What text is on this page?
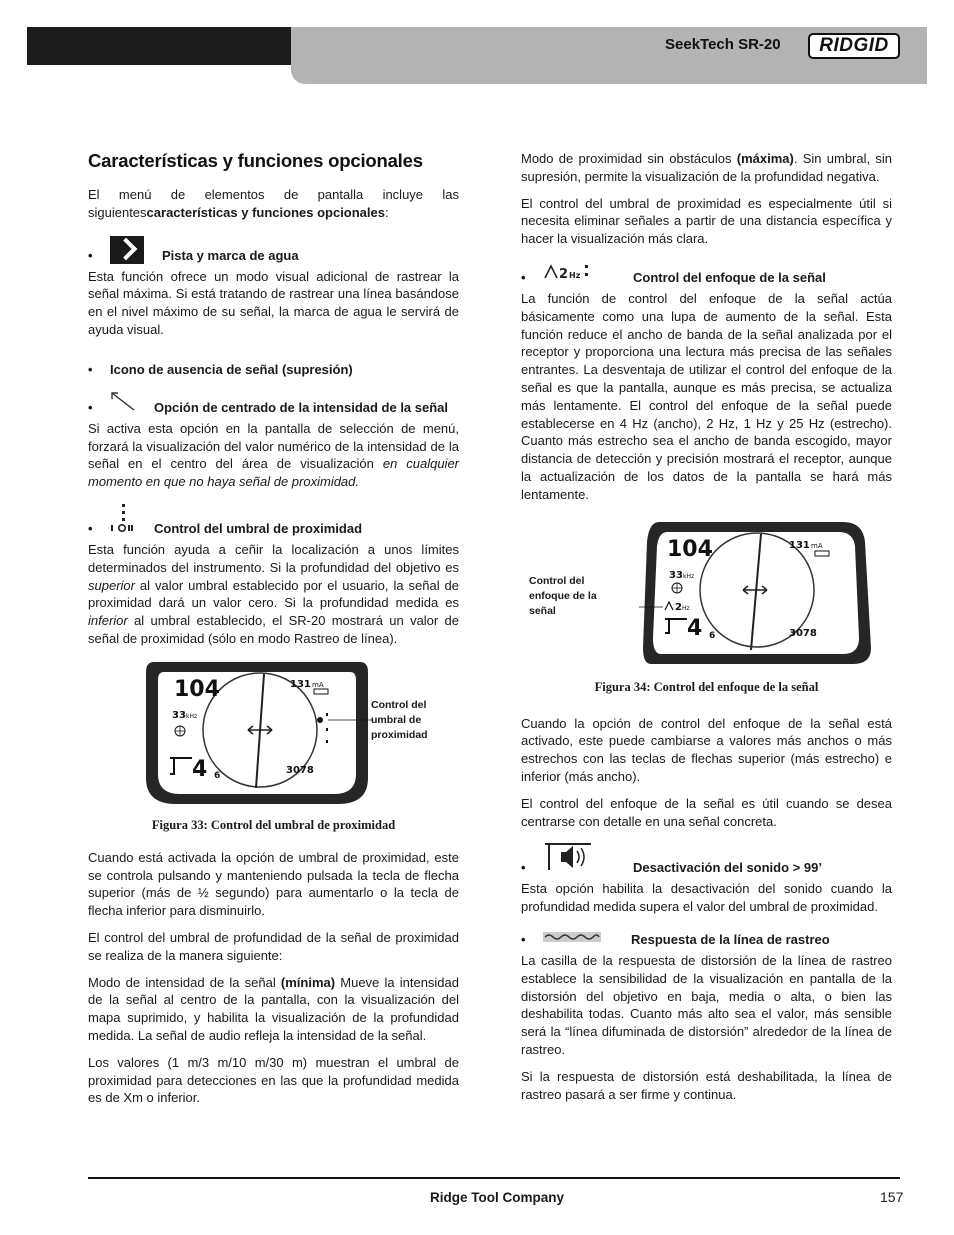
SeekTech SR-20	RIDGID
Características y funciones opcionales

El menú de elementos de pantalla incluye las siguientescaracterísticas y funciones opcionales:

•	Pista y marca de agua

Esta función ofrece un modo visual adicional de rastrear la señal máxima. Si está tratando de rastrear una línea basándose en el nivel máximo de su señal, la marca de agua le servirá de ayuda visual.

•	Icono de ausencia de señal (supresión)
•	Opción de centrado de la intensidad de la señal

Si activa esta opción en la pantalla de selección de menú, forzará la visualización del valor numérico de la intensidad de la señal en el centro del área de visualización en cualquier momento en que no haya señal de proximidad.

•	Control del umbral de proximidad

Esta función ayuda a ceñir la localización a unos límites determinados del instrumento. Si la profundidad del objetivo es superior al valor umbral establecido por el usuario, la señal de proximidad dará un valor cero. Si la profundidad medida es inferior al umbral establecido, el SR-20 mostrará un valor de señal de proximidad (sólo en modo Rastreo de línea).

104	131 mA
33 kHz
4 6	3078
Control del umbral de proximidad
Figura 33: Control del umbral de proximidad

Cuando está activada la opción de umbral de proximidad, este se controla pulsando y manteniendo pulsada la tecla de flecha superior (más de ½ segundo) para aumentarlo o la tecla de flecha inferior para disminuirlo.

El control del umbral de profundidad de la señal de proximidad se realiza de la manera siguiente:

Modo de intensidad de la señal (mínima) Mueve la intensidad de la señal al centro de la pantalla, con la visualización del mapa suprimido, y habilita la visualización de la profundidad medida. La señal de audio refleja la intensidad de la señal.

Los valores (1 m/3 m/10 m/30 m) muestran el umbral de proximidad para detecciones en las que la profundidad medida es de Xm o inferior.

Modo de proximidad sin obstáculos (máxima). Sin umbral, sin supresión, permite la visualización de la profundidad negativa.

El control del umbral de proximidad es especialmente útil si necesita eliminar señales a partir de una distancia específica y hacer la visualización más clara.

•	2 Hz	Control del enfoque de la señal

La función de control del enfoque de la señal actúa básicamente como una lupa de aumento de la señal. Esta función reduce el ancho de banda de la señal analizada por el receptor y proporciona una lectura más precisa de las señales entrantes. La desventaja de utilizar el control del enfoque de la señal es que la pantalla, aunque es más precisa, se actualiza más lentamente. El control del enfoque de la señal puede establecerse en 4 Hz (ancho), 2 Hz, 1 Hz y 25 Hz (estrecho). Cuanto más estrecho sea el ancho de banda escogido, mayor distancia de detección y precisión mostrará el receptor, aunque la actualización de los datos de la pantalla se hará más lentamente.

104	131 mA
33 kHz
2 Hz
4 6	3078
Control del enfoque de la señal
Figura 34: Control del enfoque de la señal

Cuando la opción de control del enfoque de la señal está activado, este puede cambiarse a valores más anchos o más estrechos con las teclas de flechas superior (más estrecho) e inferior (más ancho).

El control del enfoque de la señal es útil cuando se desea centrarse con detalle en una señal concreta.

•	Desactivación del sonido > 99’

Esta opción habilita la desactivación del sonido cuando la profundidad medida supera el valor del umbral de proximidad.

•	Respuesta de la línea de rastreo

La casilla de la respuesta de distorsión de la línea de rastreo establece la sensibilidad de la visualización en pantalla de la distorsión del objetivo en baja, media o alta, o bien las deshabilita todas. Cuanto más alto sea el valor, más sensible será la “línea difuminada de distorsión” alrededor de la línea de rastreo.

Si la respuesta de distorsión está deshabilitada, la línea de rastreo pasará a ser firme y continua.

Ridge Tool Company	157
